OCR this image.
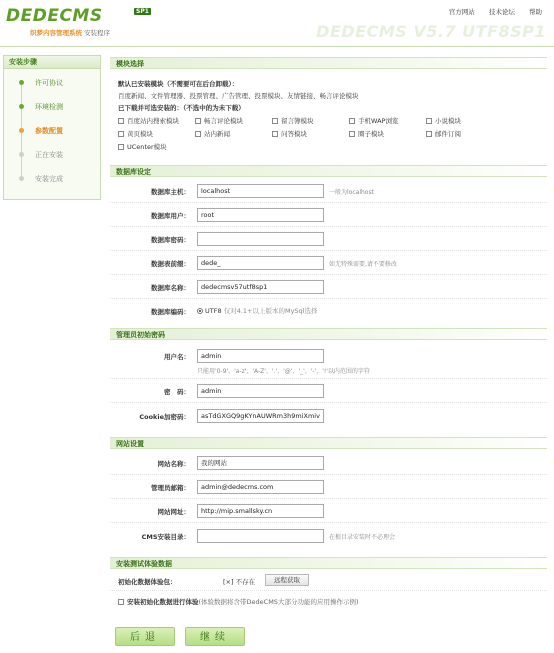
DEDECMS	SP1
织梦内容管理系统 安装程序	DEDECMS V5.7 UTF8SP1
官方网站 技术论坛 帮助
安装步骤
许可协议
环境检测
参数配置
正在安装
安装完成
模块选择
默认已安装模块（不需要可在后台卸载）：
百度新闻、文件管理器、投票管理、广告管理、投票模块、友情链接、畅言评论模块
已下载并可选安装的：（不选中的为未下载）
百度站内搜索模块	畅言评论模块	留言簿模块	手机WAP浏览	小说模块
黄页模块	站内新闻	问答模块	圈子模块	邮件订阅
UCenter模块
数据库设定
数据库主机：	localhost	一般为localhost
数据库用户：	root
数据库密码：
数据表前缀：	dede_	如无特殊需要,请不要修改
数据库名称：	dedecmsv57utf8sp1
数据库编码：	UTF8 仅对4.1+以上版本的MySql选择
管理员初始密码
用户名：	admin
只能用'0-9'、'a-z'、'A-Z'、'.'、'@'、'_'、'-'、'!'以内范围的字符
密　码：	admin
Cookie加密码：	asTdGXGQ9gKYnAUWRm3h9miXmiv
网站设置
网站名称：	我的网站
管理员邮箱：	admin@dedecms.com
网站网址：	http://mip.smallsky.cn
CMS安装目录：	在根目录安装时不必理会
安装测试体验数据
初始化数据体验包：	[×] 不存在	远程获取
安装初始化数据进行体验(体验数据将含带DedeCMS大部分功能的应用操作示例)
后退	继续
